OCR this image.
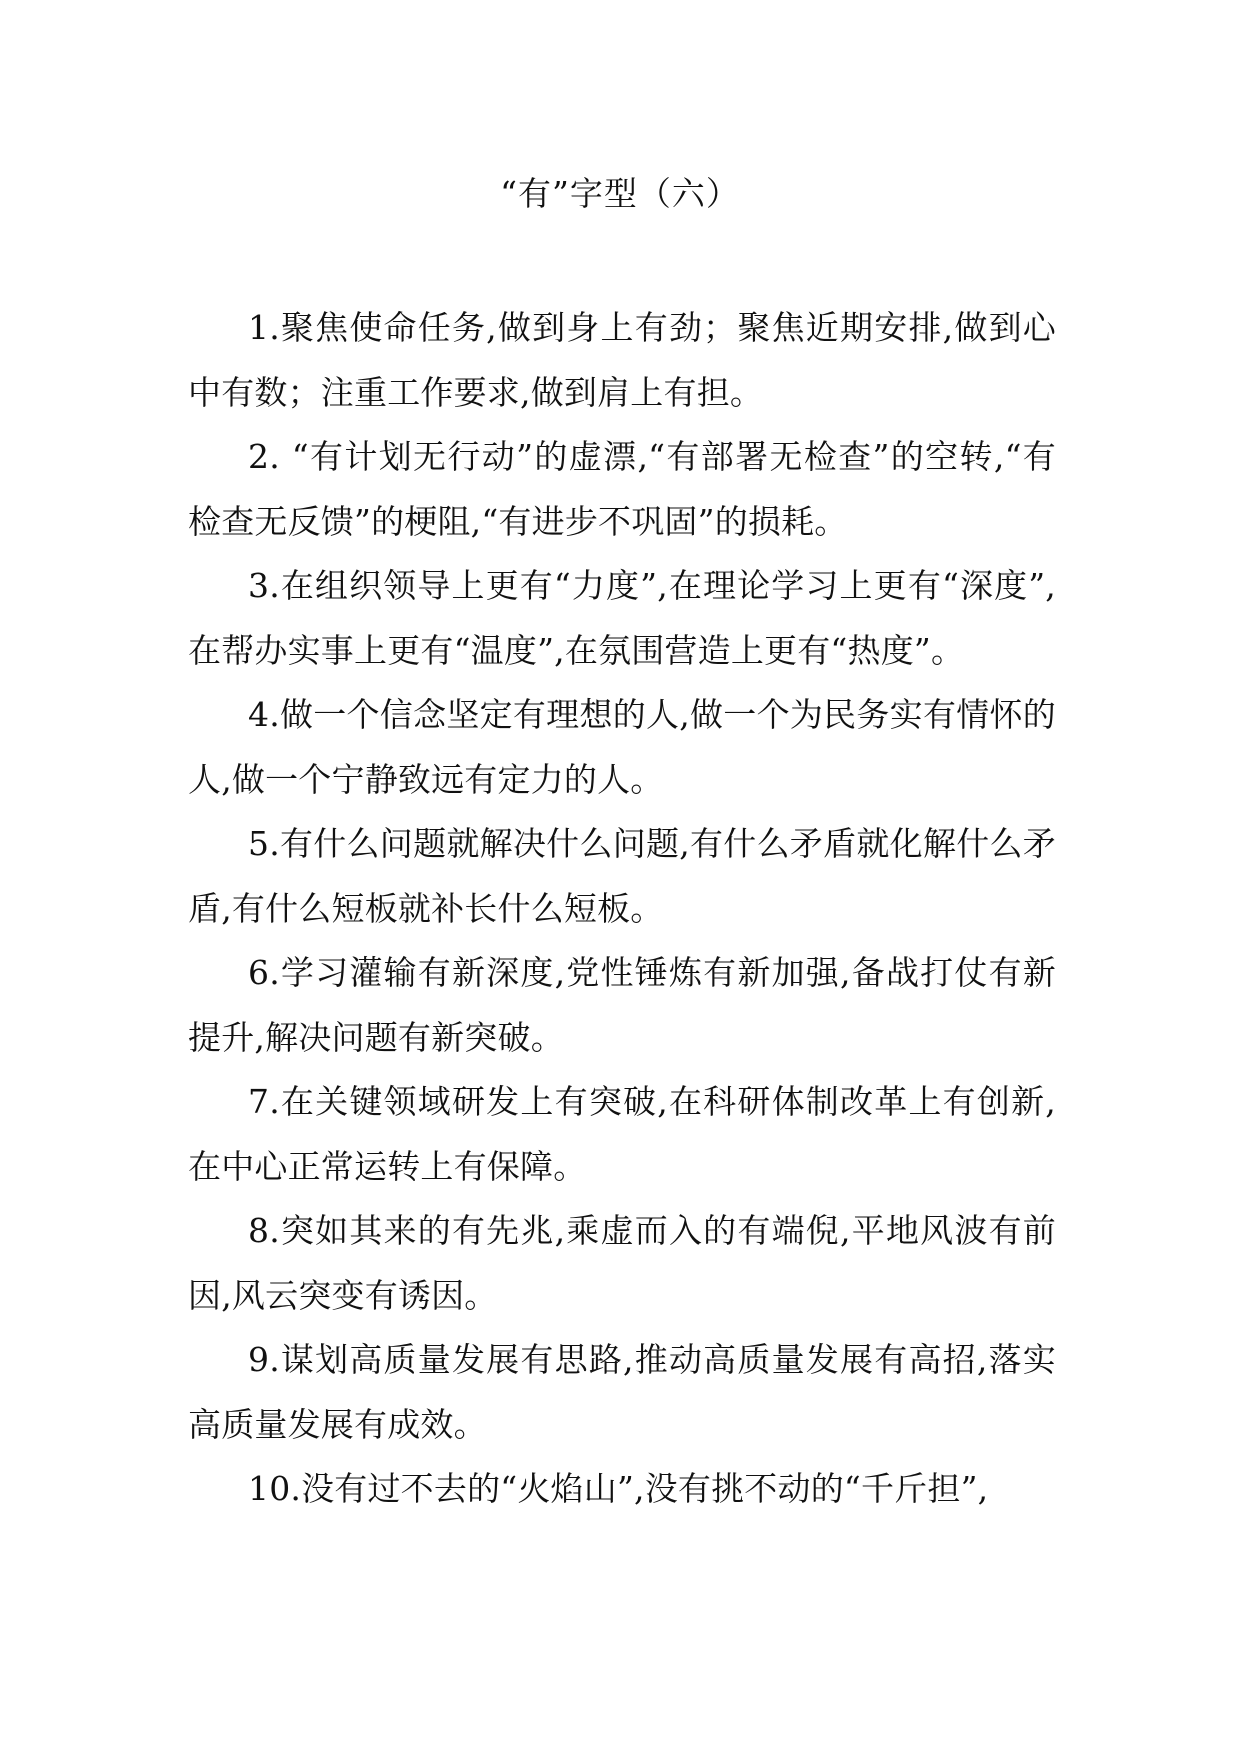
“有”字型（六）

1.聚焦使命任务,做到身上有劲；聚焦近期安排,做到心中有数；注重工作要求,做到肩上有担。

2. “有计划无行动”的虚漂,“有部署无检查”的空转,“有检查无反馈”的梗阻,“有进步不巩固”的损耗。

3.在组织领导上更有“力度”,在理论学习上更有“深度”,在帮办实事上更有“温度”,在氛围营造上更有“热度”。

4.做一个信念坚定有理想的人,做一个为民务实有情怀的人,做一个宁静致远有定力的人。

5.有什么问题就解决什么问题,有什么矛盾就化解什么矛盾,有什么短板就补长什么短板。

6.学习灌输有新深度,党性锤炼有新加强,备战打仗有新提升,解决问题有新突破。

7.在关键领域研发上有突破,在科研体制改革上有创新,在中心正常运转上有保障。

8.突如其来的有先兆,乘虚而入的有端倪,平地风波有前因,风云突变有诱因。

9.谋划高质量发展有思路,推动高质量发展有高招,落实高质量发展有成效。

10.没有过不去的“火焰山”,没有挑不动的“千斤担”,
